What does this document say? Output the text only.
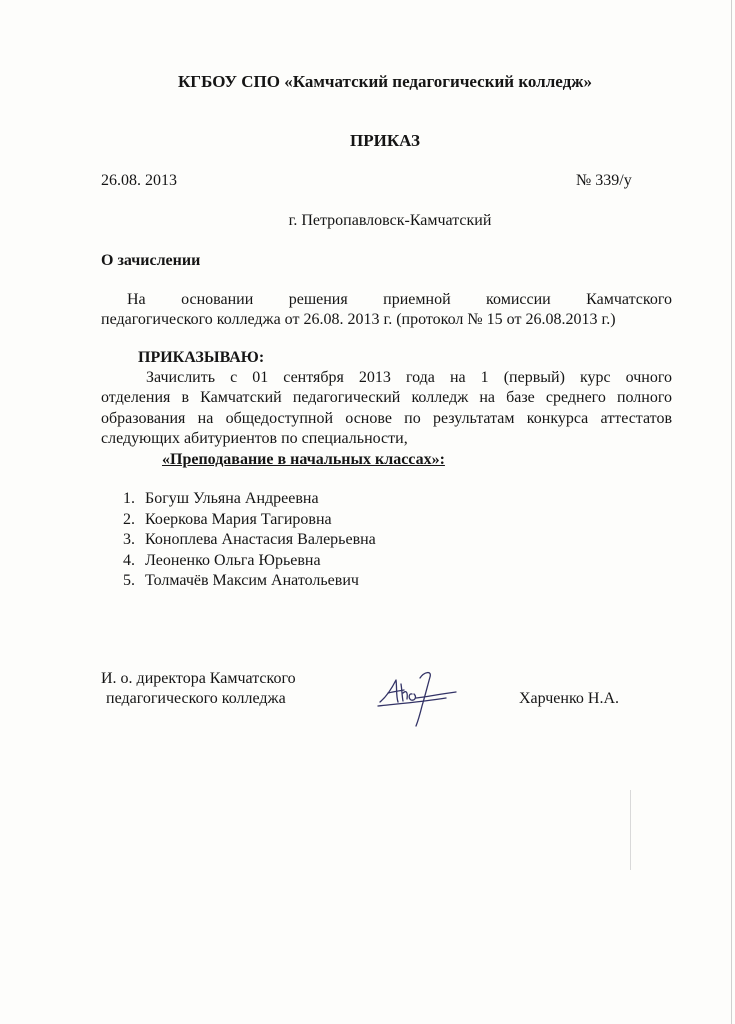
КГБОУ СПО «Камчатский педагогический колледж»
ПРИКАЗ
26.08. 2013	№ 339/у
г. Петропавловск-Камчатский
О зачислении
На основании решения приемной комиссии Камчатского
педагогического колледжа от 26.08. 2013 г. (протокол № 15 от 26.08.2013 г.)
ПРИКАЗЫВАЮ:
Зачислить с 01 сентября 2013 года на 1 (первый) курс очного
отделения в Камчатский педагогический колледж на базе среднего полного
образования на общедоступной основе по результатам конкурса аттестатов
следующих абитуриентов по специальности,
«Преподавание в начальных классах»:
1. Богуш Ульяна Андреевна
2. Коеркова Мария Тагировна
3. Коноплева Анастасия Валерьевна
4. Леоненко Ольга Юрьевна
5. Толмачёв Максим Анатольевич
И. о. директора Камчатского
педагогического колледжа	Харченко Н.А.
